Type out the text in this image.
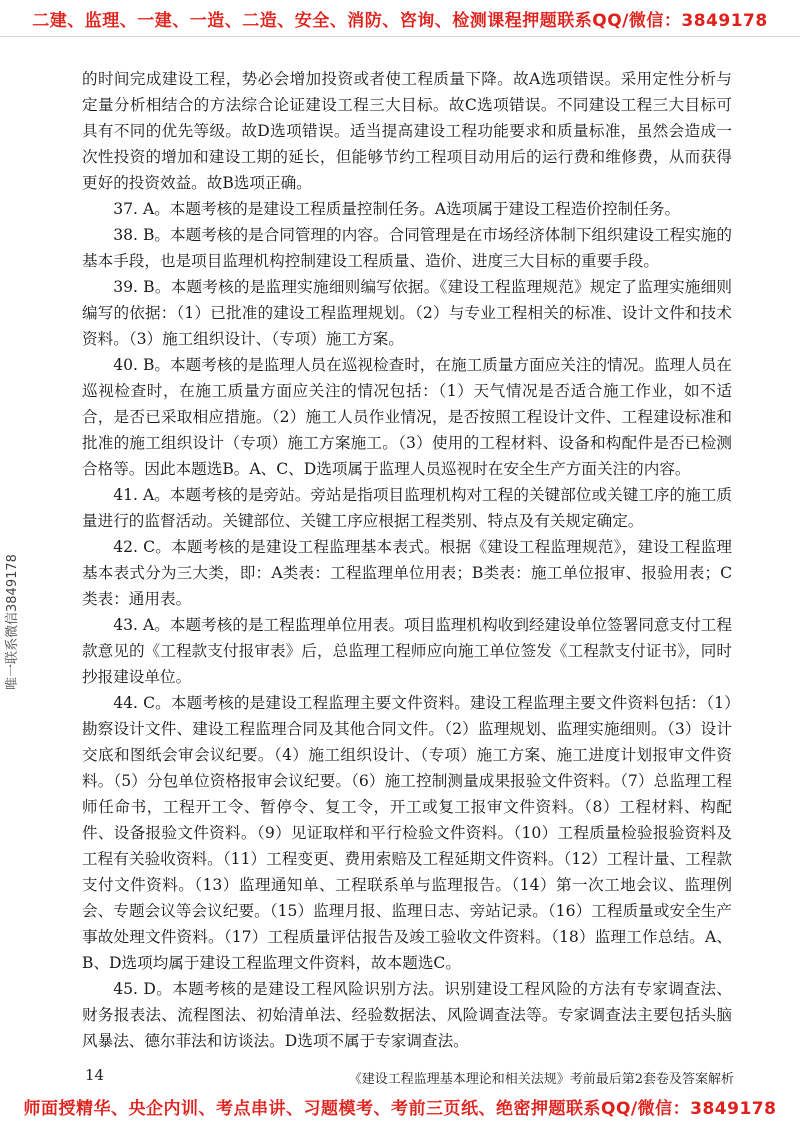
二建、监理、一建、一造、二造、安全、消防、咨询、检测课程押题联系QQ/微信：3849178

的时间完成建设工程，势必会增加投资或者使工程质量下降。故A选项错误。采用定性分析与定量分析相结合的方法综合论证建设工程三大目标。故C选项错误。不同建设工程三大目标可具有不同的优先等级。故D选项错误。适当提高建设工程功能要求和质量标准，虽然会造成一次性投资的增加和建设工期的延长，但能够节约工程项目动用后的运行费和维修费，从而获得更好的投资效益。故B选项正确。

37. A。本题考核的是建设工程质量控制任务。A选项属于建设工程造价控制任务。

38. B。本题考核的是合同管理的内容。合同管理是在市场经济体制下组织建设工程实施的基本手段，也是项目监理机构控制建设工程质量、造价、进度三大目标的重要手段。

39. B。本题考核的是监理实施细则编写依据。《建设工程监理规范》规定了监理实施细则编写的依据：（1）已批准的建设工程监理规划。（2）与专业工程相关的标准、设计文件和技术资料。（3）施工组织设计、（专项）施工方案。

40. B。本题考核的是监理人员在巡视检查时，在施工质量方面应关注的情况。监理人员在巡视检查时，在施工质量方面应关注的情况包括：（1）天气情况是否适合施工作业，如不适合，是否已采取相应措施。（2）施工人员作业情况，是否按照工程设计文件、工程建设标准和批准的施工组织设计（专项）施工方案施工。（3）使用的工程材料、设备和构配件是否已检测合格等。因此本题选B。A、C、D选项属于监理人员巡视时在安全生产方面关注的内容。

41. A。本题考核的是旁站。旁站是指项目监理机构对工程的关键部位或关键工序的施工质量进行的监督活动。关键部位、关键工序应根据工程类别、特点及有关规定确定。

42. C。本题考核的是建设工程监理基本表式。根据《建设工程监理规范》，建设工程监理基本表式分为三大类，即：A类表：工程监理单位用表；B类表：施工单位报审、报验用表；C类表：通用表。

43. A。本题考核的是工程监理单位用表。项目监理机构收到经建设单位签署同意支付工程款意见的《工程款支付报审表》后，总监理工程师应向施工单位签发《工程款支付证书》，同时抄报建设单位。

44. C。本题考核的是建设工程监理主要文件资料。建设工程监理主要文件资料包括：（1）勘察设计文件、建设工程监理合同及其他合同文件。（2）监理规划、监理实施细则。（3）设计交底和图纸会审会议纪要。（4）施工组织设计、（专项）施工方案、施工进度计划报审文件资料。（5）分包单位资格报审会议纪要。（6）施工控制测量成果报验文件资料。（7）总监理工程师任命书，工程开工令、暂停令、复工令，开工或复工报审文件资料。（8）工程材料、构配件、设备报验文件资料。（9）见证取样和平行检验文件资料。（10）工程质量检验报验资料及工程有关验收资料。（11）工程变更、费用索赔及工程延期文件资料。（12）工程计量、工程款支付文件资料。（13）监理通知单、工程联系单与监理报告。（14）第一次工地会议、监理例会、专题会议等会议纪要。（15）监理月报、监理日志、旁站记录。（16）工程质量或安全生产事故处理文件资料。（17）工程质量评估报告及竣工验收文件资料。（18）监理工作总结。A、B、D选项均属于建设工程监理文件资料，故本题选C。

45. D。本题考核的是建设工程风险识别方法。识别建设工程风险的方法有专家调查法、财务报表法、流程图法、初始清单法、经验数据法、风险调查法等。专家调查法主要包括头脑风暴法、德尔菲法和访谈法。D选项不属于专家调查法。

唯一联系微信3849178
14	《建设工程监理基本理论和相关法规》考前最后第2套卷及答案解析
师面授精华、央企内训、考点串讲、习题模考、考前三页纸、绝密押题联系QQ/微信：3849178
